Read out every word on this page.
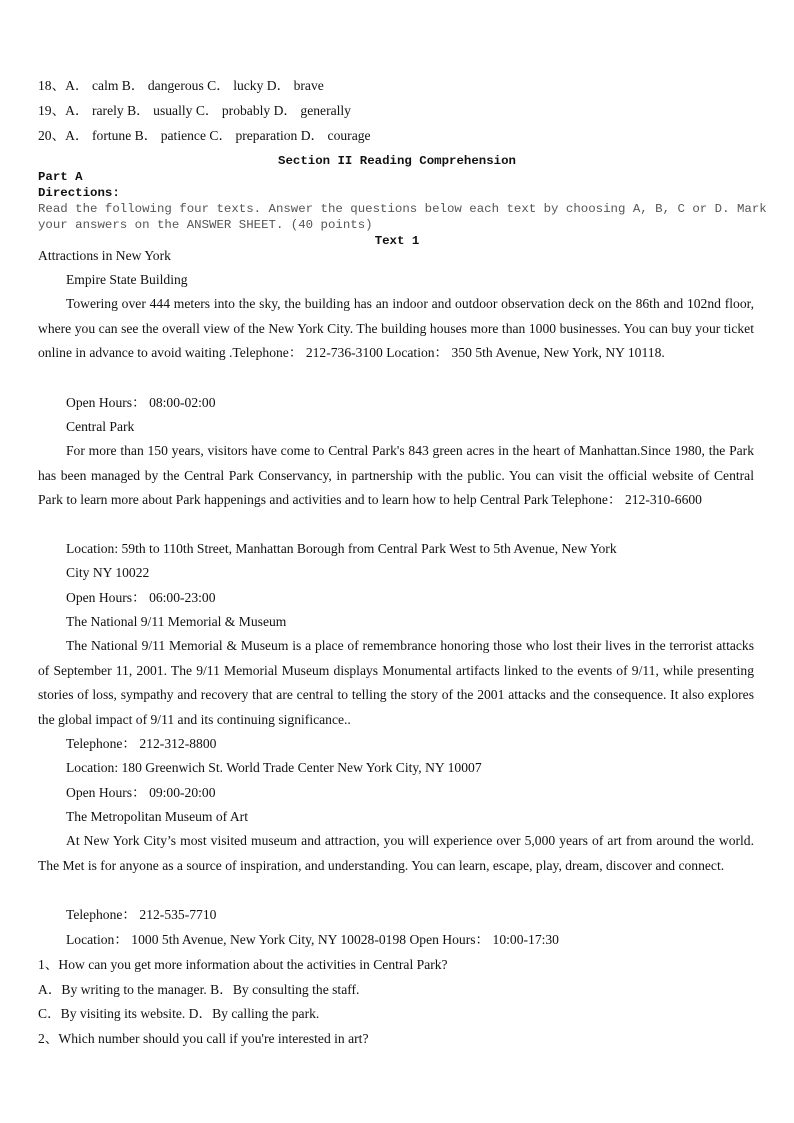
18、A． calm B． dangerous C． lucky D． brave
19、A． rarely B． usually C． probably D． generally
20、A． fortune B． patience C． preparation D． courage
Section II Reading Comprehension
Part A
Directions:
Read the following four texts. Answer the questions below each text by choosing A, B, C or D. Mark
your answers on the ANSWER SHEET. (40 points)
Text 1
Attractions in New York
Empire State Building
Towering over 444 meters into the sky, the building has an indoor and outdoor observation deck on the 86th and 102nd floor, where you can see the overall view of the New York City. The building houses more than 1000 businesses. You can buy your ticket online in advance to avoid waiting .Telephone： 212-736-3100 Location： 350 5th Avenue, New York, NY 10118.
Open Hours： 08:00-02:00
Central Park
For more than 150 years, visitors have come to Central Park's 843 green acres in the heart of Manhattan.Since 1980, the Park has been managed by the Central Park Conservancy, in partnership with the public. You can visit the official website of Central Park to learn more about Park happenings and activities and to learn how to help Central Park Telephone： 212-310-6600
Location: 59th to 110th Street, Manhattan Borough from Central Park West to 5th Avenue, New York
City NY 10022
Open Hours： 06:00-23:00
The National 9/11 Memorial & Museum
The National 9/11 Memorial & Museum is a place of remembrance honoring those who lost their lives in the terrorist attacks of September 11, 2001. The 9/11 Memorial Museum displays Monumental artifacts linked to the events of 9/11, while presenting stories of loss, sympathy and recovery that are central to telling the story of the 2001 attacks and the consequence. It also explores the global impact of 9/11 and its continuing significance..
Telephone： 212-312-8800
Location: 180 Greenwich St. World Trade Center New York City, NY 10007
Open Hours： 09:00-20:00
The Metropolitan Museum of Art
At New York City’s most visited museum and attraction, you will experience over 5,000 years of art from around the world. The Met is for anyone as a source of inspiration, and understanding. You can learn, escape, play, dream, discover and connect.
Telephone： 212-535-7710
Location： 1000 5th Avenue, New York City, NY 10028-0198 Open Hours： 10:00-17:30
1、How can you get more information about the activities in Central Park?
A．By writing to the manager. B．By consulting the staff.
C．By visiting its website. D．By calling the park.
2、Which number should you call if you're interested in art?
